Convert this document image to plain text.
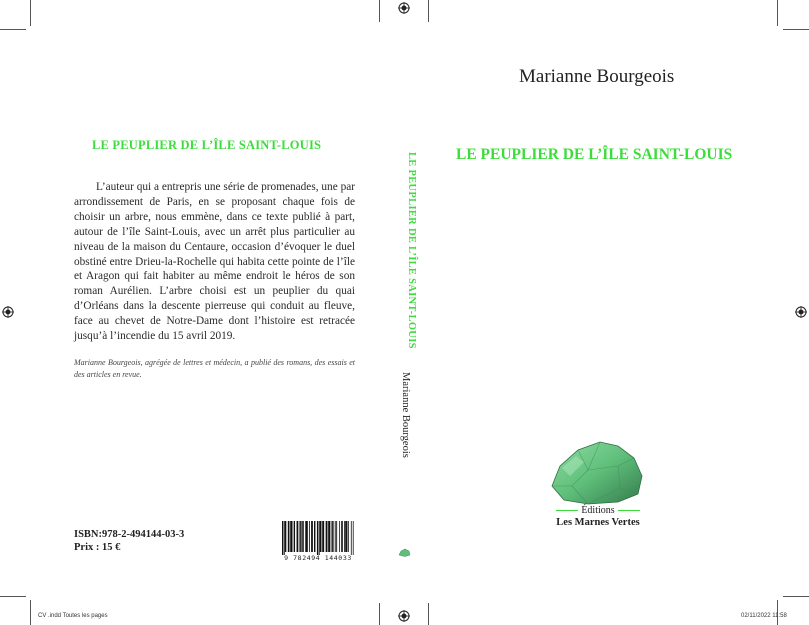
LE PEUPLIER DE L’ÎLE SAINT-LOUIS

L’auteur qui a entrepris une série de promenades, une par arrondissement de Paris, en se proposant chaque fois de choisir un arbre, nous emmène, dans ce texte publié à part, autour de l’île Saint-Louis, avec un arrêt plus particulier au niveau de la maison du Centaure, occasion d’évoquer le duel obstiné entre Drieu-la-Rochelle qui habita cette pointe de l’île et Aragon qui fait habiter au même endroit le héros de son roman Aurélien. L’arbre choisi est un peuplier du quai d’Orléans dans la descente pierreuse qui conduit au fleuve, face au chevet de Notre-Dame dont l’histoire est retracée jusqu’à l’incendie du 15 avril 2019.

Marianne Bourgeois, agrégée de lettres et médecin, a publié des romans, des essais et des articles en revue.
ISBN:978-2-494144-03-3
Prix : 15 €
9 782494 144033
LE PEUPLIER DE L’ÎLE SAINT-LOUIS
Marianne Bourgeois
Marianne Bourgeois
LE PEUPLIER DE L’ÎLE SAINT-LOUIS
Éditions
Les Marnes Vertes
CV .indd Toutes les pages	02/11/2022 11:58
